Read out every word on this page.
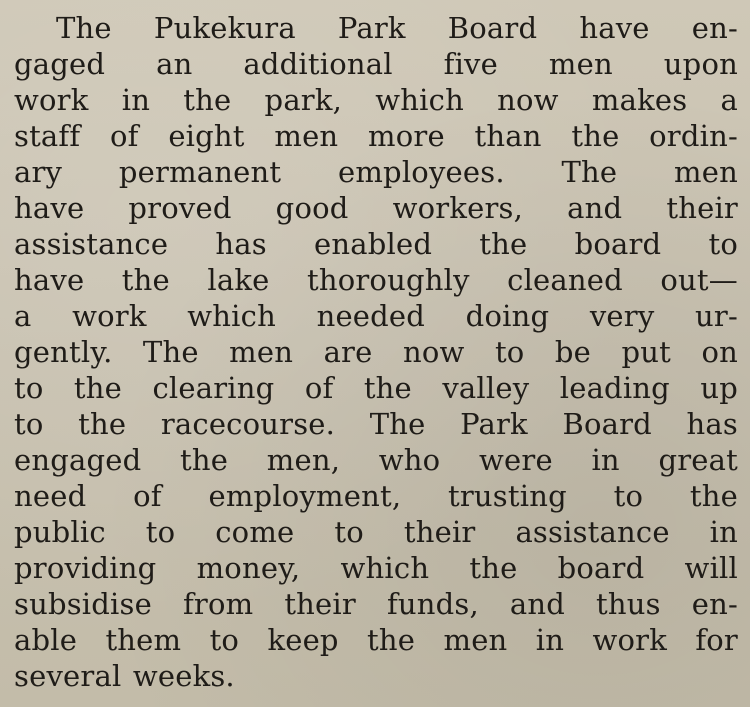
The Pukekura Park Board have en-
gaged an additional five men upon
work in the park, which now makes a
staff of eight men more than the ordin-
ary permanent employees. The men
have proved good workers, and their
assistance has enabled the board to
have the lake thoroughly cleaned out—
a work which needed doing very ur-
gently. The men are now to be put on
to the clearing of the valley leading up
to the racecourse. The Park Board has
engaged the men, who were in great
need of employment, trusting to the
public to come to their assistance in
providing money, which the board will
subsidise from their funds, and thus en-
able them to keep the men in work for
several weeks.
